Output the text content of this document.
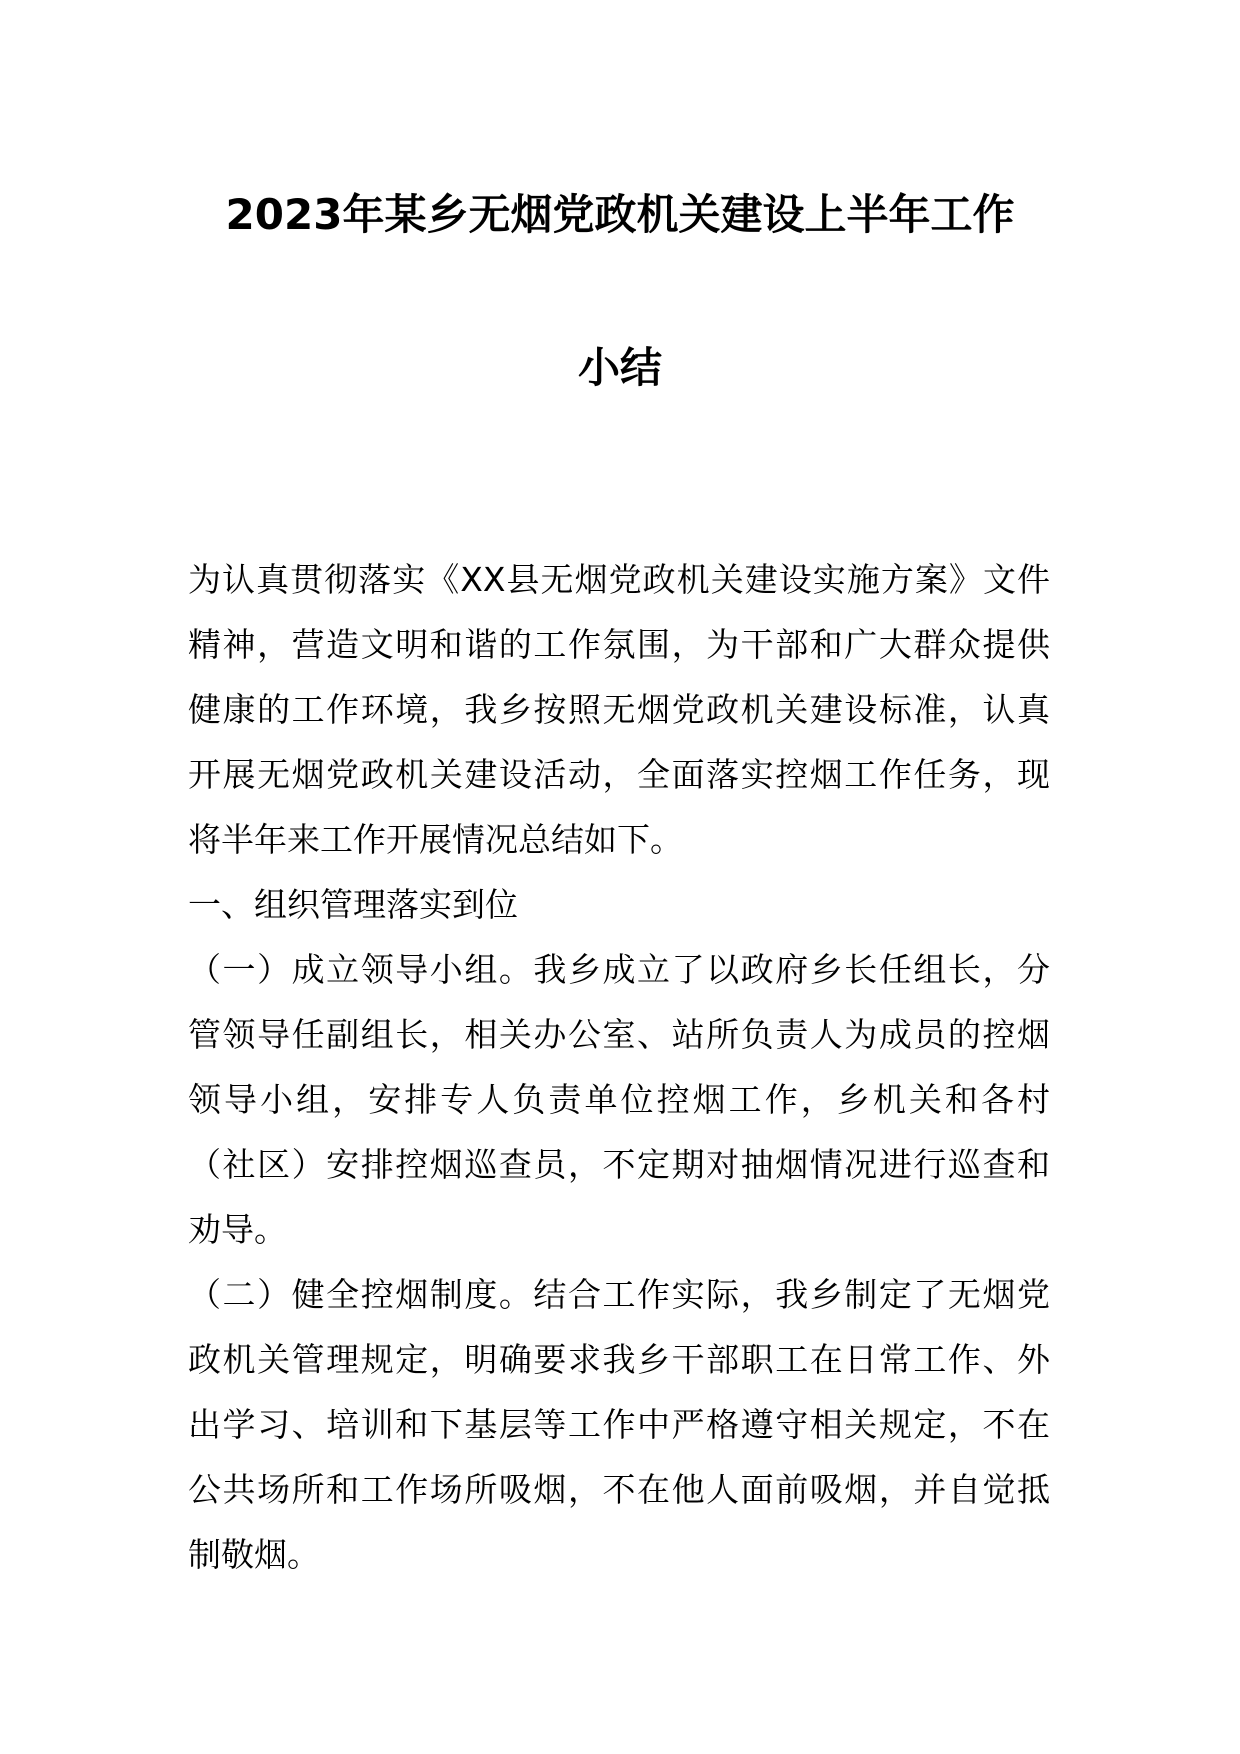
2023年某乡无烟党政机关建设上半年工作
小结
为认真贯彻落实《XX县无烟党政机关建设实施方案》文件
精神，营造文明和谐的工作氛围，为干部和广大群众提供
健康的工作环境，我乡按照无烟党政机关建设标准，认真
开展无烟党政机关建设活动，全面落实控烟工作任务，现
将半年来工作开展情况总结如下。
一、组织管理落实到位
（一）成立领导小组。我乡成立了以政府乡长任组长，分
管领导任副组长，相关办公室、站所负责人为成员的控烟
领导小组，安排专人负责单位控烟工作，乡机关和各村
（社区）安排控烟巡查员，不定期对抽烟情况进行巡查和
劝导。
（二）健全控烟制度。结合工作实际，我乡制定了无烟党
政机关管理规定，明确要求我乡干部职工在日常工作、外
出学习、培训和下基层等工作中严格遵守相关规定，不在
公共场所和工作场所吸烟，不在他人面前吸烟，并自觉抵
制敬烟。
